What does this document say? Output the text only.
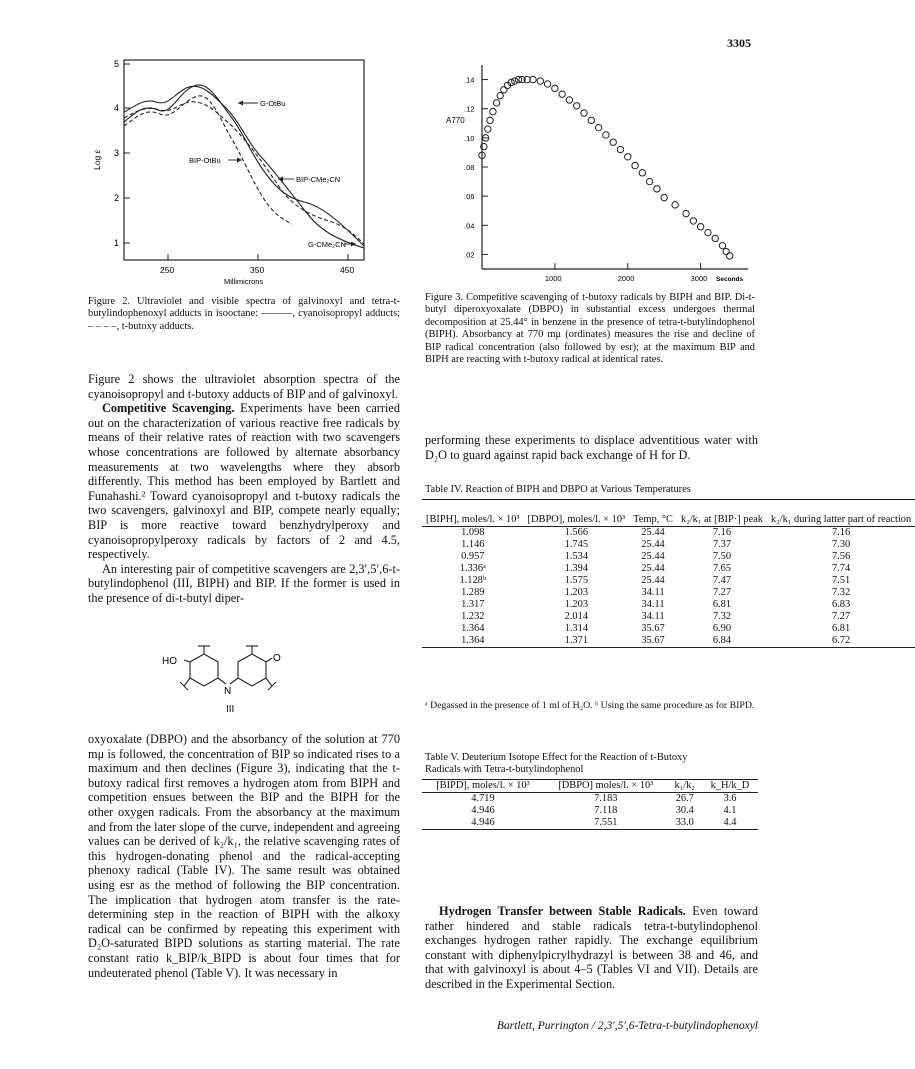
3305
5
4
3
2
1
250	350	450
Millimicrons
Log ε
G-OtBu
BIP-OtBu
BIP-CMe₂CN
G-CMe₂CN
Figure 2. Ultraviolet and visible spectra of galvinoxyl and tetra-t-butylindophenoxyl adducts in isooctane: ———, cyanoisopropyl adducts; – – – –, t-butoxy adducts.
.02
.04
.06
.08
.10
.12
.14
1000	2000	3000
A770
Seconds
Figure 3. Competitive scavenging of t-butoxy radicals by BIPH and BIP. Di-t-butyl diperoxyoxalate (DBPO) in substantial excess undergoes thermal decomposition at 25.44° in benzene in the presence of tetra-t-butylindophenol (BIPH). Absorbancy at 770 mμ (ordinates) measures the rise and decline of BIP radical concentration (also followed by esr); at the maximum BIP and BIPH are reacting with t-butoxy radical at identical rates.

Figure 2 shows the ultraviolet absorption spectra of the cyanoisopropyl and t-butoxy adducts of BIP and of galvinoxyl.

Competitive Scavenging. Experiments have been carried out on the characterization of various reactive free radicals by means of their relative rates of reaction with two scavengers whose concentrations are followed by alternate absorbancy measurements at two wavelengths where they absorb differently. This method has been employed by Bartlett and Funahashi.² Toward cyanoisopropyl and t-butoxy radicals the two scavengers, galvinoxyl and BIP, compete nearly equally; BIP is more reactive toward benzhydrylperoxy and cyanoisopropylperoxy radicals by factors of 2 and 4.5, respectively.

An interesting pair of competitive scavengers are 2,3′,5′,6-t-butylindophenol (III, BIPH) and BIP. If the former is used in the presence of di-t-butyl diper-

HO	O
N
III
oxyoxalate (DBPO) and the absorbancy of the solution at 770 mμ is followed, the concentration of BIP so indicated rises to a maximum and then declines (Figure 3), indicating that the t-butoxy radical first removes a hydrogen atom from BIPH and competition ensues between the BIP and the BIPH for the other oxygen radicals. From the absorbancy at the maximum and from the later slope of the curve, independent and agreeing values can be derived of k₂/k₁, the relative scavenging rates of this hydrogen-donating phenol and the radical-accepting phenoxy radical (Table IV). The same result was obtained using esr as the method of following the BIP concentration. The implication that hydrogen atom transfer is the rate-determining step in the reaction of BIPH with the alkoxy radical can be confirmed by repeating this experiment with D₂O-saturated BIPD solutions as starting material. The rate constant ratio k_BIP/k_BIPD is about four times that for undeuterated phenol (Table V). It was necessary in
performing these experiments to displace adventitious water with D₂O to guard against rapid back exchange of H for D.
Table IV. Reaction of BIPH and DBPO at Various Temperatures
[BIPH], moles/l. × 10³	[DBPO], moles/l. × 10³	Temp, °C	k₂/k₁ at [BIP·] peak	k₂/k₁ during latter part of reaction
1.098	1.566	25.44	7.16	7.16
1.146	1.745	25.44	7.37	7.30
0.957	1.534	25.44	7.50	7.56
1.336ᵃ	1.394	25.44	7.65	7.74
1.128ᵇ	1.575	25.44	7.47	7.51
1.289	1.203	34.11	7.27	7.32
1.317	1.203	34.11	6.81	6.83
1.232	2.014	34.11	7.32	7.27
1.364	1.314	35.67	6.90	6.81
1.364	1.371	35.67	6.84	6.72
ᵃ Degassed in the presence of 1 ml of H₂O. ᵇ Using the same procedure as for BIPD.
Table V. Deuterium Isotope Effect for the Reaction of t-Butoxy Radicals with Tetra-t-butylindophenol
[BIPD], moles/l. × 10³	[DBPO] moles/l. × 10³	k₁/k₂	k_H/k_D
4.719	7.183	26.7	3.6
4.946	7.118	30.4	4.1
4.946	7.551	33.0	4.4
Hydrogen Transfer between Stable Radicals. Even toward rather hindered and stable radicals tetra-t-butylindophenol exchanges hydrogen rather rapidly. The exchange equilibrium constant with diphenylpicrylhydrazyl is between 38 and 46, and that with galvinoxyl is about 4–5 (Tables VI and VII). Details are described in the Experimental Section.
Bartlett, Purrington / 2,3′,5′,6-Tetra-t-butylindophenoxyl
